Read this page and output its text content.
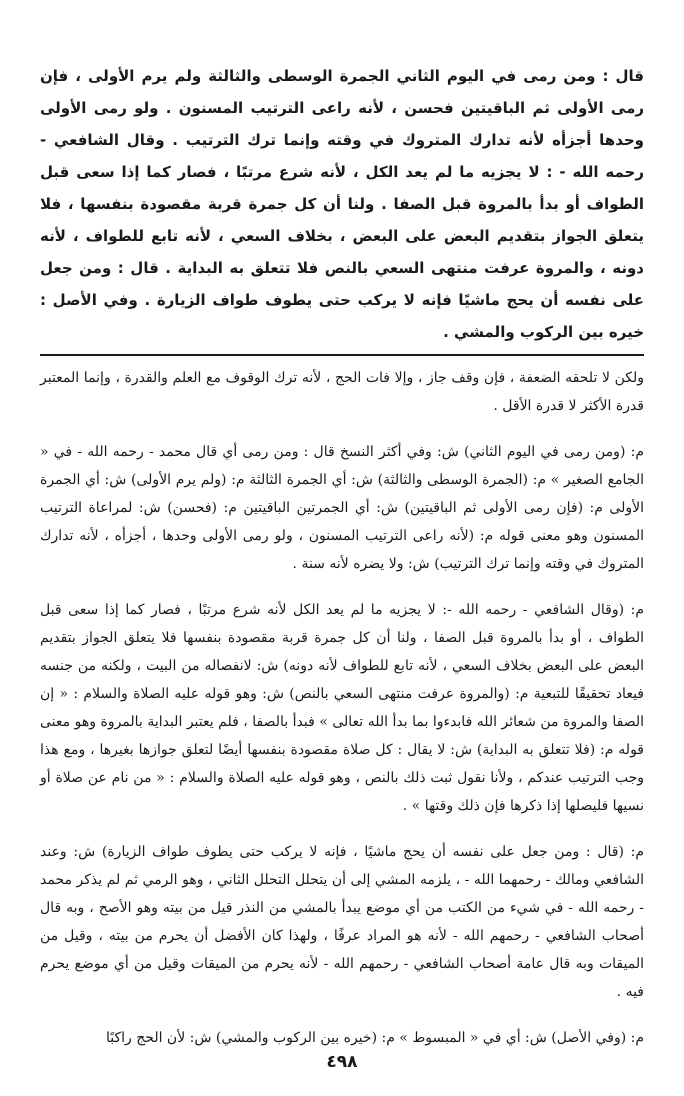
قال : ومن رمى في اليوم الثاني الجمرة الوسطى والثالثة ولم يرم الأولى ، فإن رمى الأولى ثم الباقيتين فحسن ، لأنه راعى الترتيب المسنون . ولو رمى الأولى وحدها أجزأه لأنه تدارك المتروك في وقته وإنما ترك الترتيب . وقال الشافعي - رحمه الله - : لا يجزيه ما لم يعد الكل ، لأنه شرع مرتبًا ، فصار كما إذا سعى قبل الطواف أو بدأ بالمروة قبل الصفا . ولنا أن كل جمرة قربة مقصودة بنفسها ، فلا يتعلق الجواز بتقديم البعض على البعض ، بخلاف السعي ، لأنه تابع للطواف ، لأنه دونه ، والمروة عرفت منتهى السعي بالنص فلا تتعلق به البداية . قال : ومن جعل على نفسه أن يحج ماشيًا فإنه لا يركب حتى يطوف طواف الزيارة . وفي الأصل : خيره بين الركوب والمشي .

ولكن لا تلحقه الضعفة ، فإن وقف جاز ، وإلا فات الحج ، لأنه ترك الوقوف مع العلم والقدرة ، وإنما المعتبر قدرة الأكثر لا قدرة الأقل .

م: (ومن رمى في اليوم الثاني) ش: وفي أكثر النسخ قال : ومن رمى أي قال محمد - رحمه الله - في « الجامع الصغير » م: (الجمرة الوسطى والثالثة) ش: أي الجمرة الثالثة م: (ولم يرم الأولى) ش: أي الجمرة الأولى م: (فإن رمى الأولى ثم الباقيتين) ش: أي الجمرتين الباقيتين م: (فحسن) ش: لمراعاة الترتيب المسنون وهو معنى قوله م: (لأنه راعى الترتيب المسنون ، ولو رمى الأولى وحدها ، أجزأه ، لأنه تدارك المتروك في وقته وإنما ترك الترتيب) ش: ولا يضره لأنه سنة .

م: (وقال الشافعي - رحمه الله -: لا يجزيه ما لم يعد الكل لأنه شرع مرتبًا ، فصار كما إذا سعى قبل الطواف ، أو بدأ بالمروة قبل الصفا ، ولنا أن كل جمرة قربة مقصودة بنفسها فلا يتعلق الجواز بتقديم البعض على البعض بخلاف السعي ، لأنه تابع للطواف لأنه دونه) ش: لانفصاله من البيت ، ولكنه من جنسه فيعاد تحقيقًا للتبعية م: (والمروة عرفت منتهى السعي بالنص) ش: وهو قوله عليه الصلاة والسلام : « إن الصفا والمروة من شعائر الله فابدءوا بما بدأ الله تعالى » فبدأ بالصفا ، فلم يعتبر البداية بالمروة وهو معنى قوله م: (فلا تتعلق به البداية) ش: لا يقال : كل صلاة مقصودة بنفسها أيضًا لتعلق جوازها بغيرها ، ومع هذا وجب الترتيب عندكم ، ولأنا نقول ثبت ذلك بالنص ، وهو قوله عليه الصلاة والسلام : « من نام عن صلاة أو نسيها فليصلها إذا ذكرها فإن ذلك وقتها » .

م: (قال : ومن جعل على نفسه أن يحج ماشيًا ، فإنه لا يركب حتى يطوف طواف الزيارة) ش: وعند الشافعي ومالك - رحمهما الله - ، يلزمه المشي إلى أن يتحلل التحلل الثاني ، وهو الرمي ثم لم يذكر محمد - رحمه الله - في شيء من الكتب من أي موضع يبدأ بالمشي من النذر قيل من بيته وهو الأصح ، وبه قال أصحاب الشافعي - رحمهم الله - لأنه هو المراد عرفًا ، ولهذا كان الأفضل أن يحرم من بيته ، وقيل من الميقات وبه قال عامة أصحاب الشافعي - رحمهم الله - لأنه يحرم من الميقات وقيل من أي موضع يحرم فيه .

م: (وفي الأصل) ش: أي في « المبسوط » م: (خيره بين الركوب والمشي) ش: لأن الحج راكبًا

٤٩٨
